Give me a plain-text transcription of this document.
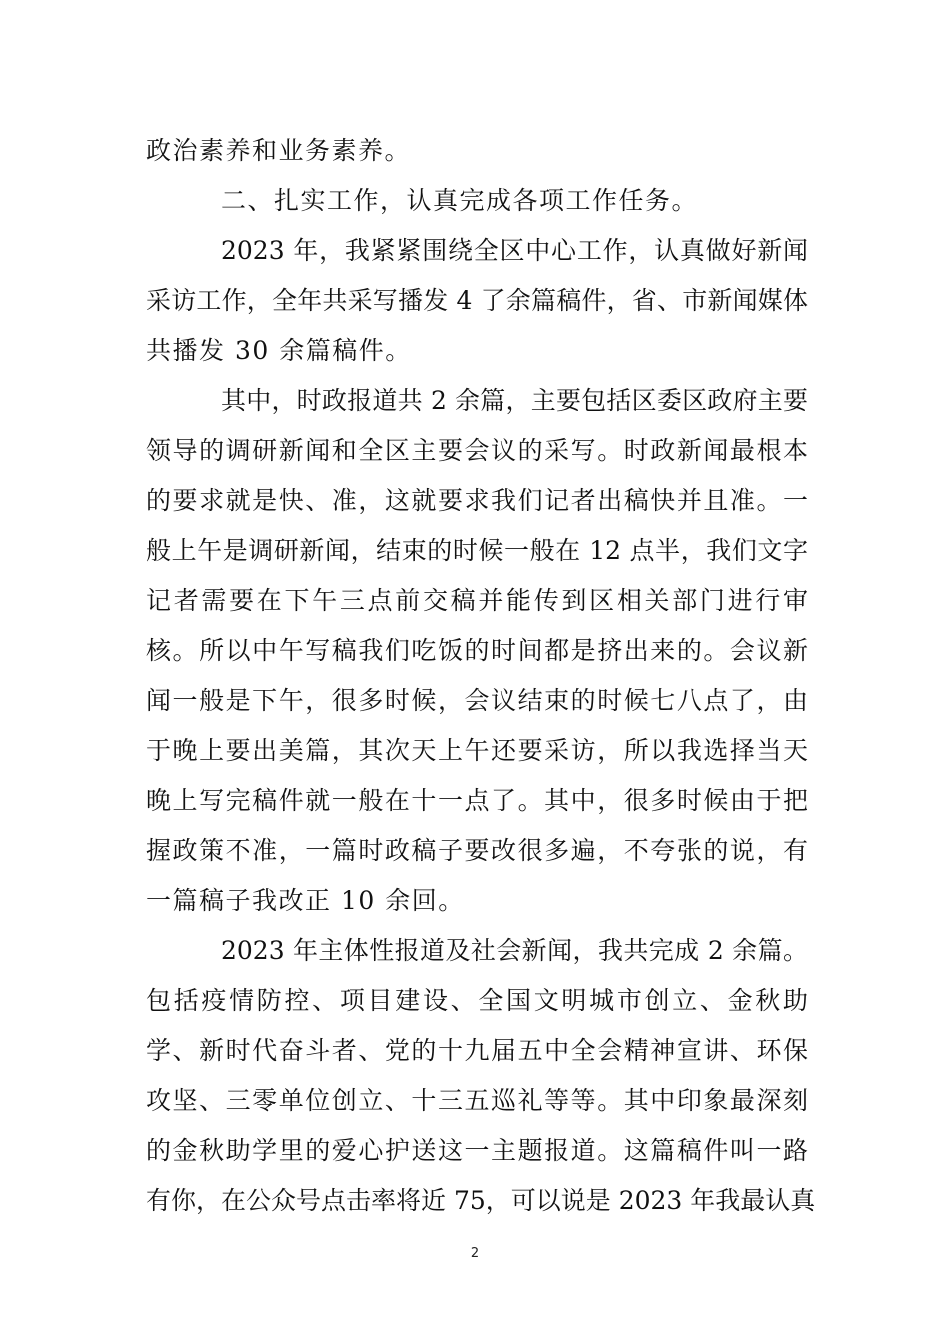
政治素养和业务素养。
二、扎实工作，认真完成各项工作任务。
2023 年，我紧紧围绕全区中心工作，认真做好新闻
采访工作，全年共采写播发 4 了余篇稿件，省、市新闻媒体
共播发 30 余篇稿件。
其中，时政报道共 2 余篇，主要包括区委区政府主要
领导的调研新闻和全区主要会议的采写。时政新闻最根本
的要求就是快、准，这就要求我们记者出稿快并且准。一
般上午是调研新闻，结束的时候一般在 12 点半，我们文字
记者需要在下午三点前交稿并能传到区相关部门进行审
核。所以中午写稿我们吃饭的时间都是挤出来的。会议新
闻一般是下午，很多时候，会议结束的时候七八点了，由
于晚上要出美篇，其次天上午还要采访，所以我选择当天
晚上写完稿件就一般在十一点了。其中，很多时候由于把
握政策不准，一篇时政稿子要改很多遍，不夸张的说，有
一篇稿子我改正 10 余回。
2023 年主体性报道及社会新闻，我共完成 2 余篇。
包括疫情防控、项目建设、全国文明城市创立、金秋助
学、新时代奋斗者、党的十九届五中全会精神宣讲、环保
攻坚、三零单位创立、十三五巡礼等等。其中印象最深刻
的金秋助学里的爱心护送这一主题报道。这篇稿件叫一路
有你，在公众号点击率将近 75，可以说是 2023 年我最认真
2
